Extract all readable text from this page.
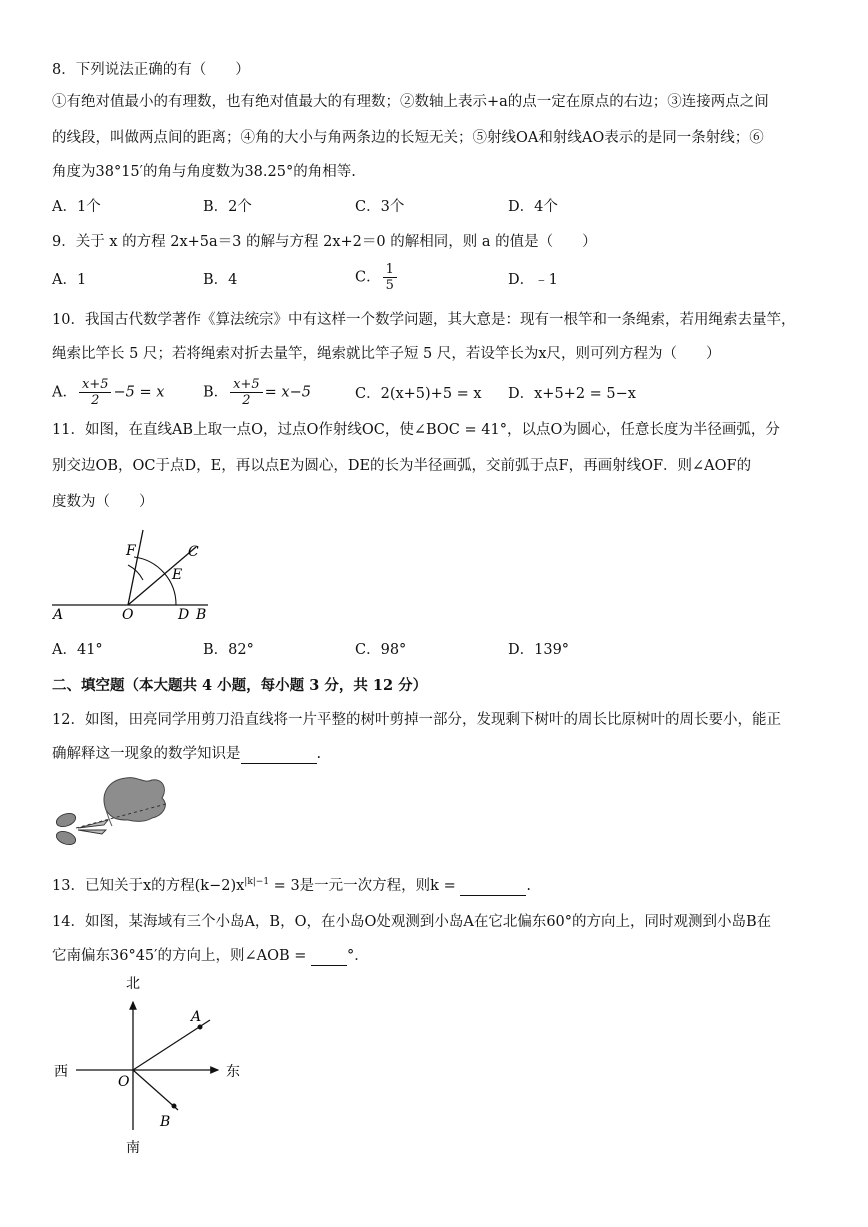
8．下列说法正确的有（　　）
①有绝对值最小的有理数，也有绝对值最大的有理数；②数轴上表示+a的点一定在原点的右边；③连接两点之间
的线段，叫做两点间的距离；④角的大小与角两条边的长短无关；⑤射线OA和射线AO表示的是同一条射线；⑥
角度为38°15′的角与角度数为38.25°的角相等.
A．1个	B．2个	C．3个	D．4个
9．关于 x 的方程 2x+5a＝3 的解与方程 2x+2＝0 的解相同，则 a 的值是（　　）
A．1	B．4	C． $\frac{1}{5}$	D．﹣1
10．我国古代数学著作《算法统宗》中有这样一个数学问题，其大意是：现有一根竿和一条绳索，若用绳索去量竿，
绳索比竿长 5 尺；若将绳索对折去量竿，绳索就比竿子短 5 尺，若设竿长为x尺，则可列方程为（　　）
A． $\frac{x+5}{2} -5 = x$	B． $\frac{x+5}{2} = x-5$	C．2(x+5)+5 = x D．x+5+2 = 5−x
11．如图，在直线AB上取一点O，过点O作射线OC，使∠BOC = 41°，以点O为圆心，任意长度为半径画弧，分
别交边OB，OC于点D，E，再以点E为圆心，DE的长为半径画弧，交前弧于点F，再画射线OF．则∠AOF的
度数为（　　）
F	C
E
A	O	D B
A．41°	B．82°	C．98°	D．139°
二、填空题（本大题共 4 小题，每小题 3 分，共 12 分）
12．如图，田亮同学用剪刀沿直线将一片平整的树叶剪掉一部分，发现剩下树叶的周长比原树叶的周长要小，能正
确解释这一现象的数学知识是	.
13．已知关于x的方程$(k-2)x^{|k|-1} = 3$是一元一次方程，则k =	.
14．如图，某海域有三个小岛A，B，O，在小岛O处观测到小岛A在它北偏东60°的方向上，同时观测到小岛B在
它南偏东36°45′的方向上，则∠AOB = °．
北
南
西	东
A
B
O
